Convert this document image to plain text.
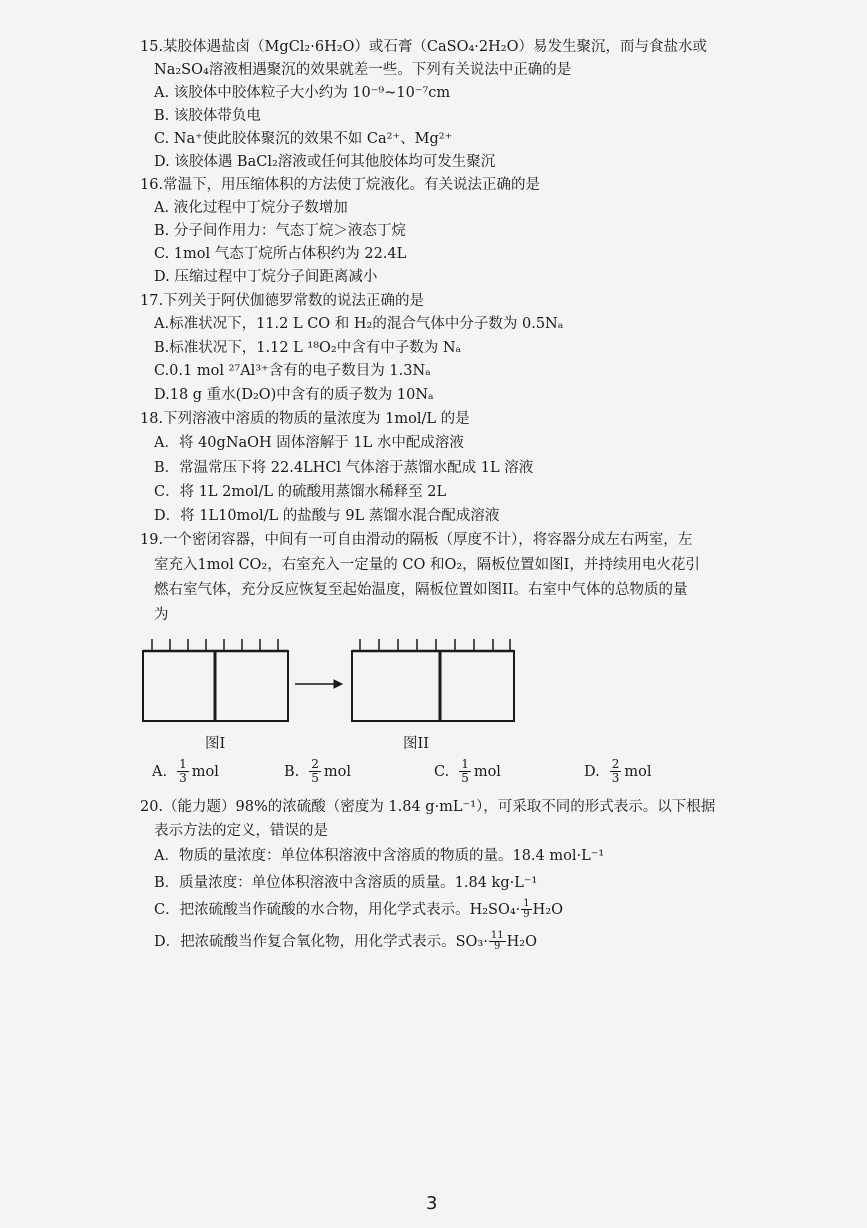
15.某胶体遇盐卤（MgCl₂·6H₂O）或石膏（CaSO₄·2H₂O）易发生聚沉，而与食盐水或
Na₂SO₄溶液相遇聚沉的效果就差一些。下列有关说法中正确的是
A. 该胶体中胶体粒子大小约为 10⁻⁹~10⁻⁷cm
B. 该胶体带负电
C. Na⁺使此胶体聚沉的效果不如 Ca²⁺、Mg²⁺
D. 该胶体遇 BaCl₂溶液或任何其他胶体均可发生聚沉
16.常温下，用压缩体积的方法使丁烷液化。有关说法正确的是
A. 液化过程中丁烷分子数增加
B. 分子间作用力：气态丁烷＞液态丁烷
C. 1mol 气态丁烷所占体积约为 22.4L
D. 压缩过程中丁烷分子间距离减小
17.下列关于阿伏伽德罗常数的说法正确的是
A.标准状况下，11.2 L CO 和 H₂的混合气体中分子数为 0.5Nₐ
B.标准状况下，1.12 L ¹⁸O₂中含有中子数为 Nₐ
C.0.1 mol ²⁷Al³⁺含有的电子数目为 1.3Nₐ
D.18 g 重水(D₂O)中含有的质子数为 10Nₐ
18.下列溶液中溶质的物质的量浓度为 1mol/L 的是
A．将 40gNaOH 固体溶解于 1L 水中配成溶液
B．常温常压下将 22.4LHCl 气体溶于蒸馏水配成 1L 溶液
C．将 1L 2mol/L 的硫酸用蒸馏水稀释至 2L
D．将 1L10mol/L 的盐酸与 9L 蒸馏水混合配成溶液
19.一个密闭容器，中间有一可自由滑动的隔板（厚度不计），将容器分成左右两室，左
室充入1mol CO₂，右室充入一定量的 CO 和O₂，隔板位置如图I，并持续用电火花引
燃右室气体，充分反应恢复至起始温度，隔板位置如图II。右室中气体的总物质的量
为
图I	图II
A. $\frac{1}{3}$ mol	B. $\frac{2}{5}$ mol	C. $\frac{1}{5}$ mol	D. $\frac{2}{3}$ mol
20.（能力题）98%的浓硫酸（密度为 1.84 g·mL⁻¹），可采取不同的形式表示。以下根据
表示方法的定义，错误的是
A．物质的量浓度：单位体积溶液中含溶质的物质的量。18.4 mol·L⁻¹
B．质量浓度：单位体积溶液中含溶质的质量。1.84 kg·L⁻¹
C．把浓硫酸当作硫酸的水合物，用化学式表示。$H_2SO_4\cdot \frac{1}{9} H_2O$
D．把浓硫酸当作复合氧化物，用化学式表示。$SO_3\cdot \frac{11}{9} H_2O$
3
